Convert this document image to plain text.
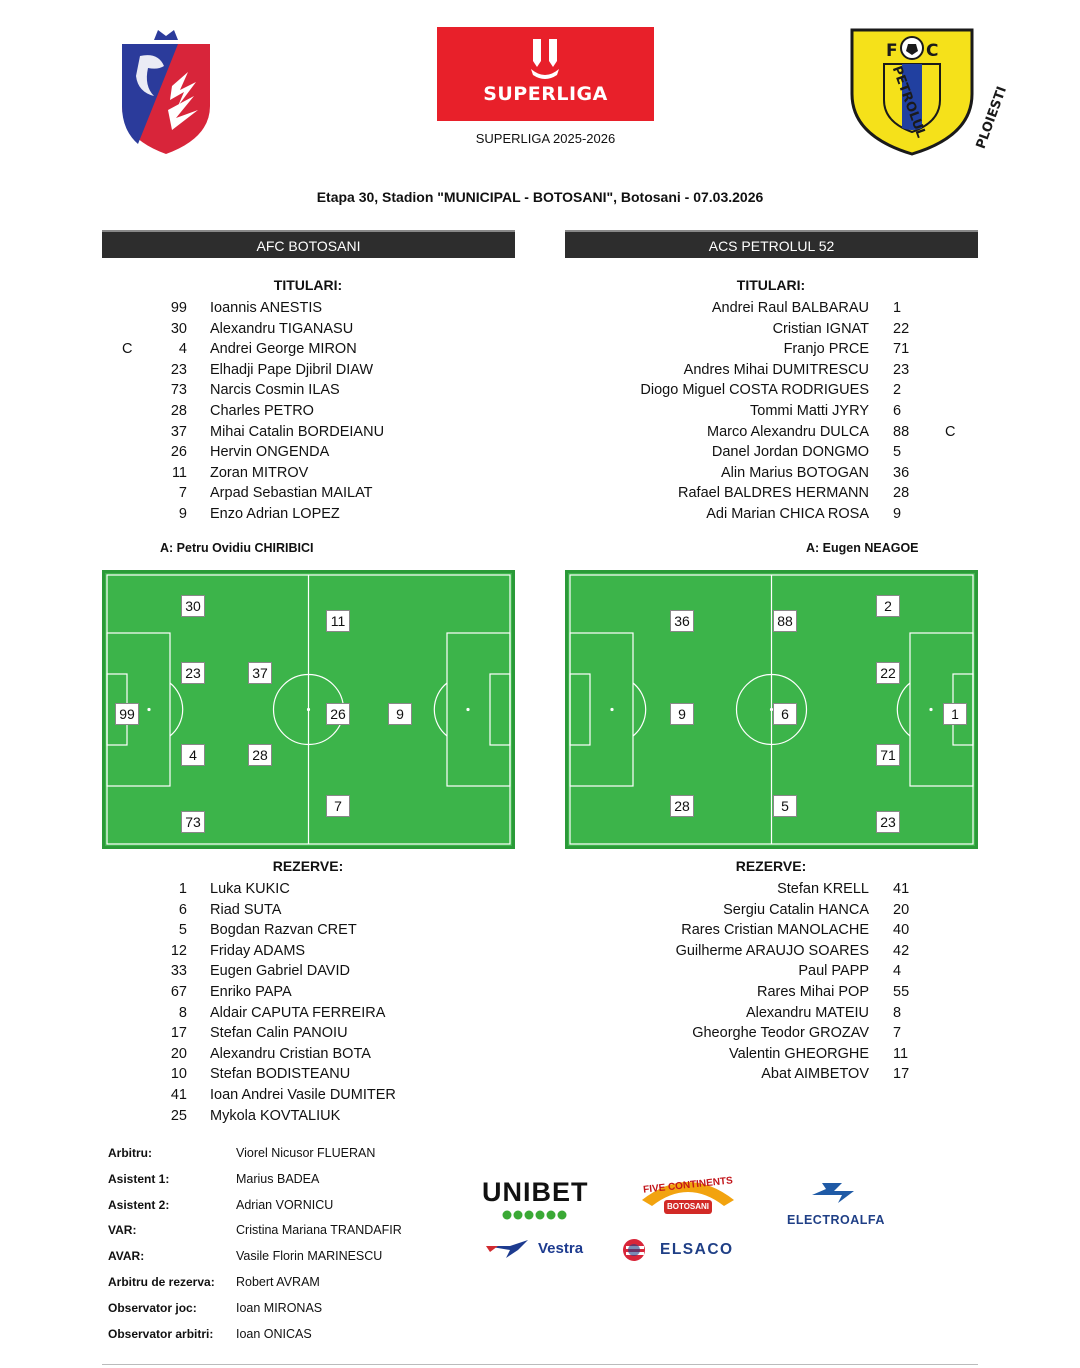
SUPERLIGA
SUPERLIGA 2025-2026
F C
PETROLUL	PLOIESTI
Etapa 30, Stadion "MUNICIPAL - BOTOSANI", Botosani - 07.03.2026
AFC BOTOSANI	ACS PETROLUL 52
TITULARI:	TITULARI:
99 Ioannis ANESTIS
30 Alexandru TIGANASU
C	4 Andrei George MIRON
23 Elhadji Pape Djibril DIAW
73 Narcis Cosmin ILAS
28 Charles PETRO
37 Mihai Catalin BORDEIANU
26 Hervin ONGENDA
11 Zoran MITROV
7 Arpad Sebastian MAILAT
9 Enzo Adrian LOPEZ
Andrei Raul BALBARAU 1
Cristian IGNAT 22
Franjo PRCE 71
Andres Mihai DUMITRESCU 23
Diogo Miguel COSTA RODRIGUES 2
Tommi Matti JYRY 6
Marco Alexandru DULCA 88 C
Danel Jordan DONGMO 5
Alin Marius BOTOGAN 36
Rafael BALDRES HERMANN 28
Adi Marian CHICA ROSA 9
A: Petru Ovidiu CHIRIBICI	A: Eugen NEAGOE
30
11
23	37
99	26	9
4	28
7
73
36	88
2
22
9	6	1
71
28	5
23
REZERVE:	REZERVE:
1 Luka KUKIC
6 Riad SUTA
5 Bogdan Razvan CRET
12 Friday ADAMS
33 Eugen Gabriel DAVID
67 Enriko PAPA
8 Aldair CAPUTA FERREIRA
17 Stefan Calin PANOIU
20 Alexandru Cristian BOTA
10 Stefan BODISTEANU
41 Ioan Andrei Vasile DUMITER
25 Mykola KOVTALIUK
Stefan KRELL 41
Sergiu Catalin HANCA 20
Rares Cristian MANOLACHE 40
Guilherme ARAUJO SOARES 42
Paul PAPP 4
Rares Mihai POP 55
Alexandru MATEIU 8
Gheorghe Teodor GROZAV 7
Valentin GHEORGHE 11
Abat AIMBETOV 17
Arbitru:	Viorel Nicusor FLUERAN
Asistent 1:	Marius BADEA
Asistent 2:	Adrian VORNICU
VAR:	Cristina Mariana TRANDAFIR
AVAR:	Vasile Florin MARINESCU
Arbitru de rezerva: Robert AVRAM
Observator joc:	Ioan MIRONAS
Observator arbitri: Ioan ONICAS
UNIBET	FIVE CONTINENTS
BOTOSANI
ELECTROALFA
Vestra	ELSACO
